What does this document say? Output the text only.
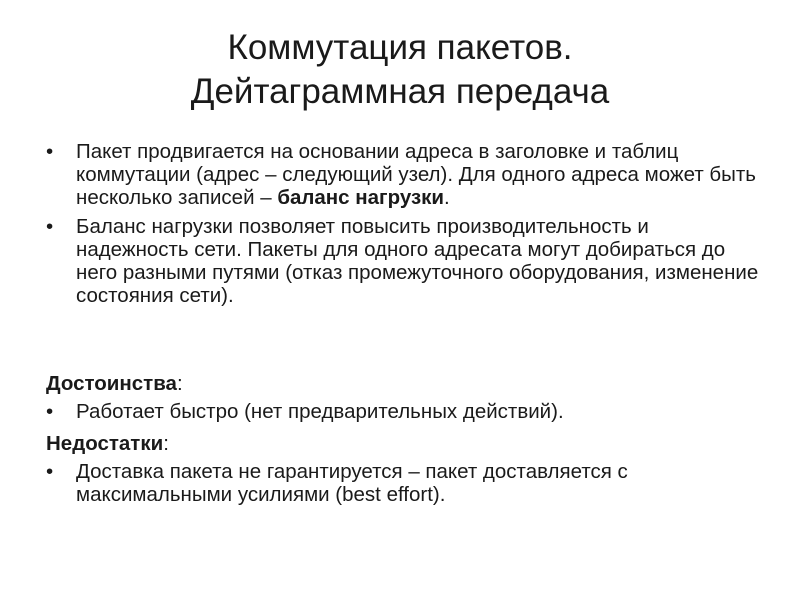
Коммутация пакетов.
Дейтаграммная передача
•	Пакет продвигается на основании адреса в заголовке и таблиц коммутации (адрес – следующий узел). Для одного адреса может быть несколько записей – баланс нагрузки.
•	Баланс нагрузки позволяет повысить производительность и надежность сети. Пакеты для одного адресата могут добираться до него разными путями (отказ промежуточного оборудования, изменение состояния сети).
Достоинства:
•	Работает быстро (нет предварительных действий).
Недостатки:
•	Доставка пакета не гарантируется – пакет доставляется с максимальными усилиями (best effort).
